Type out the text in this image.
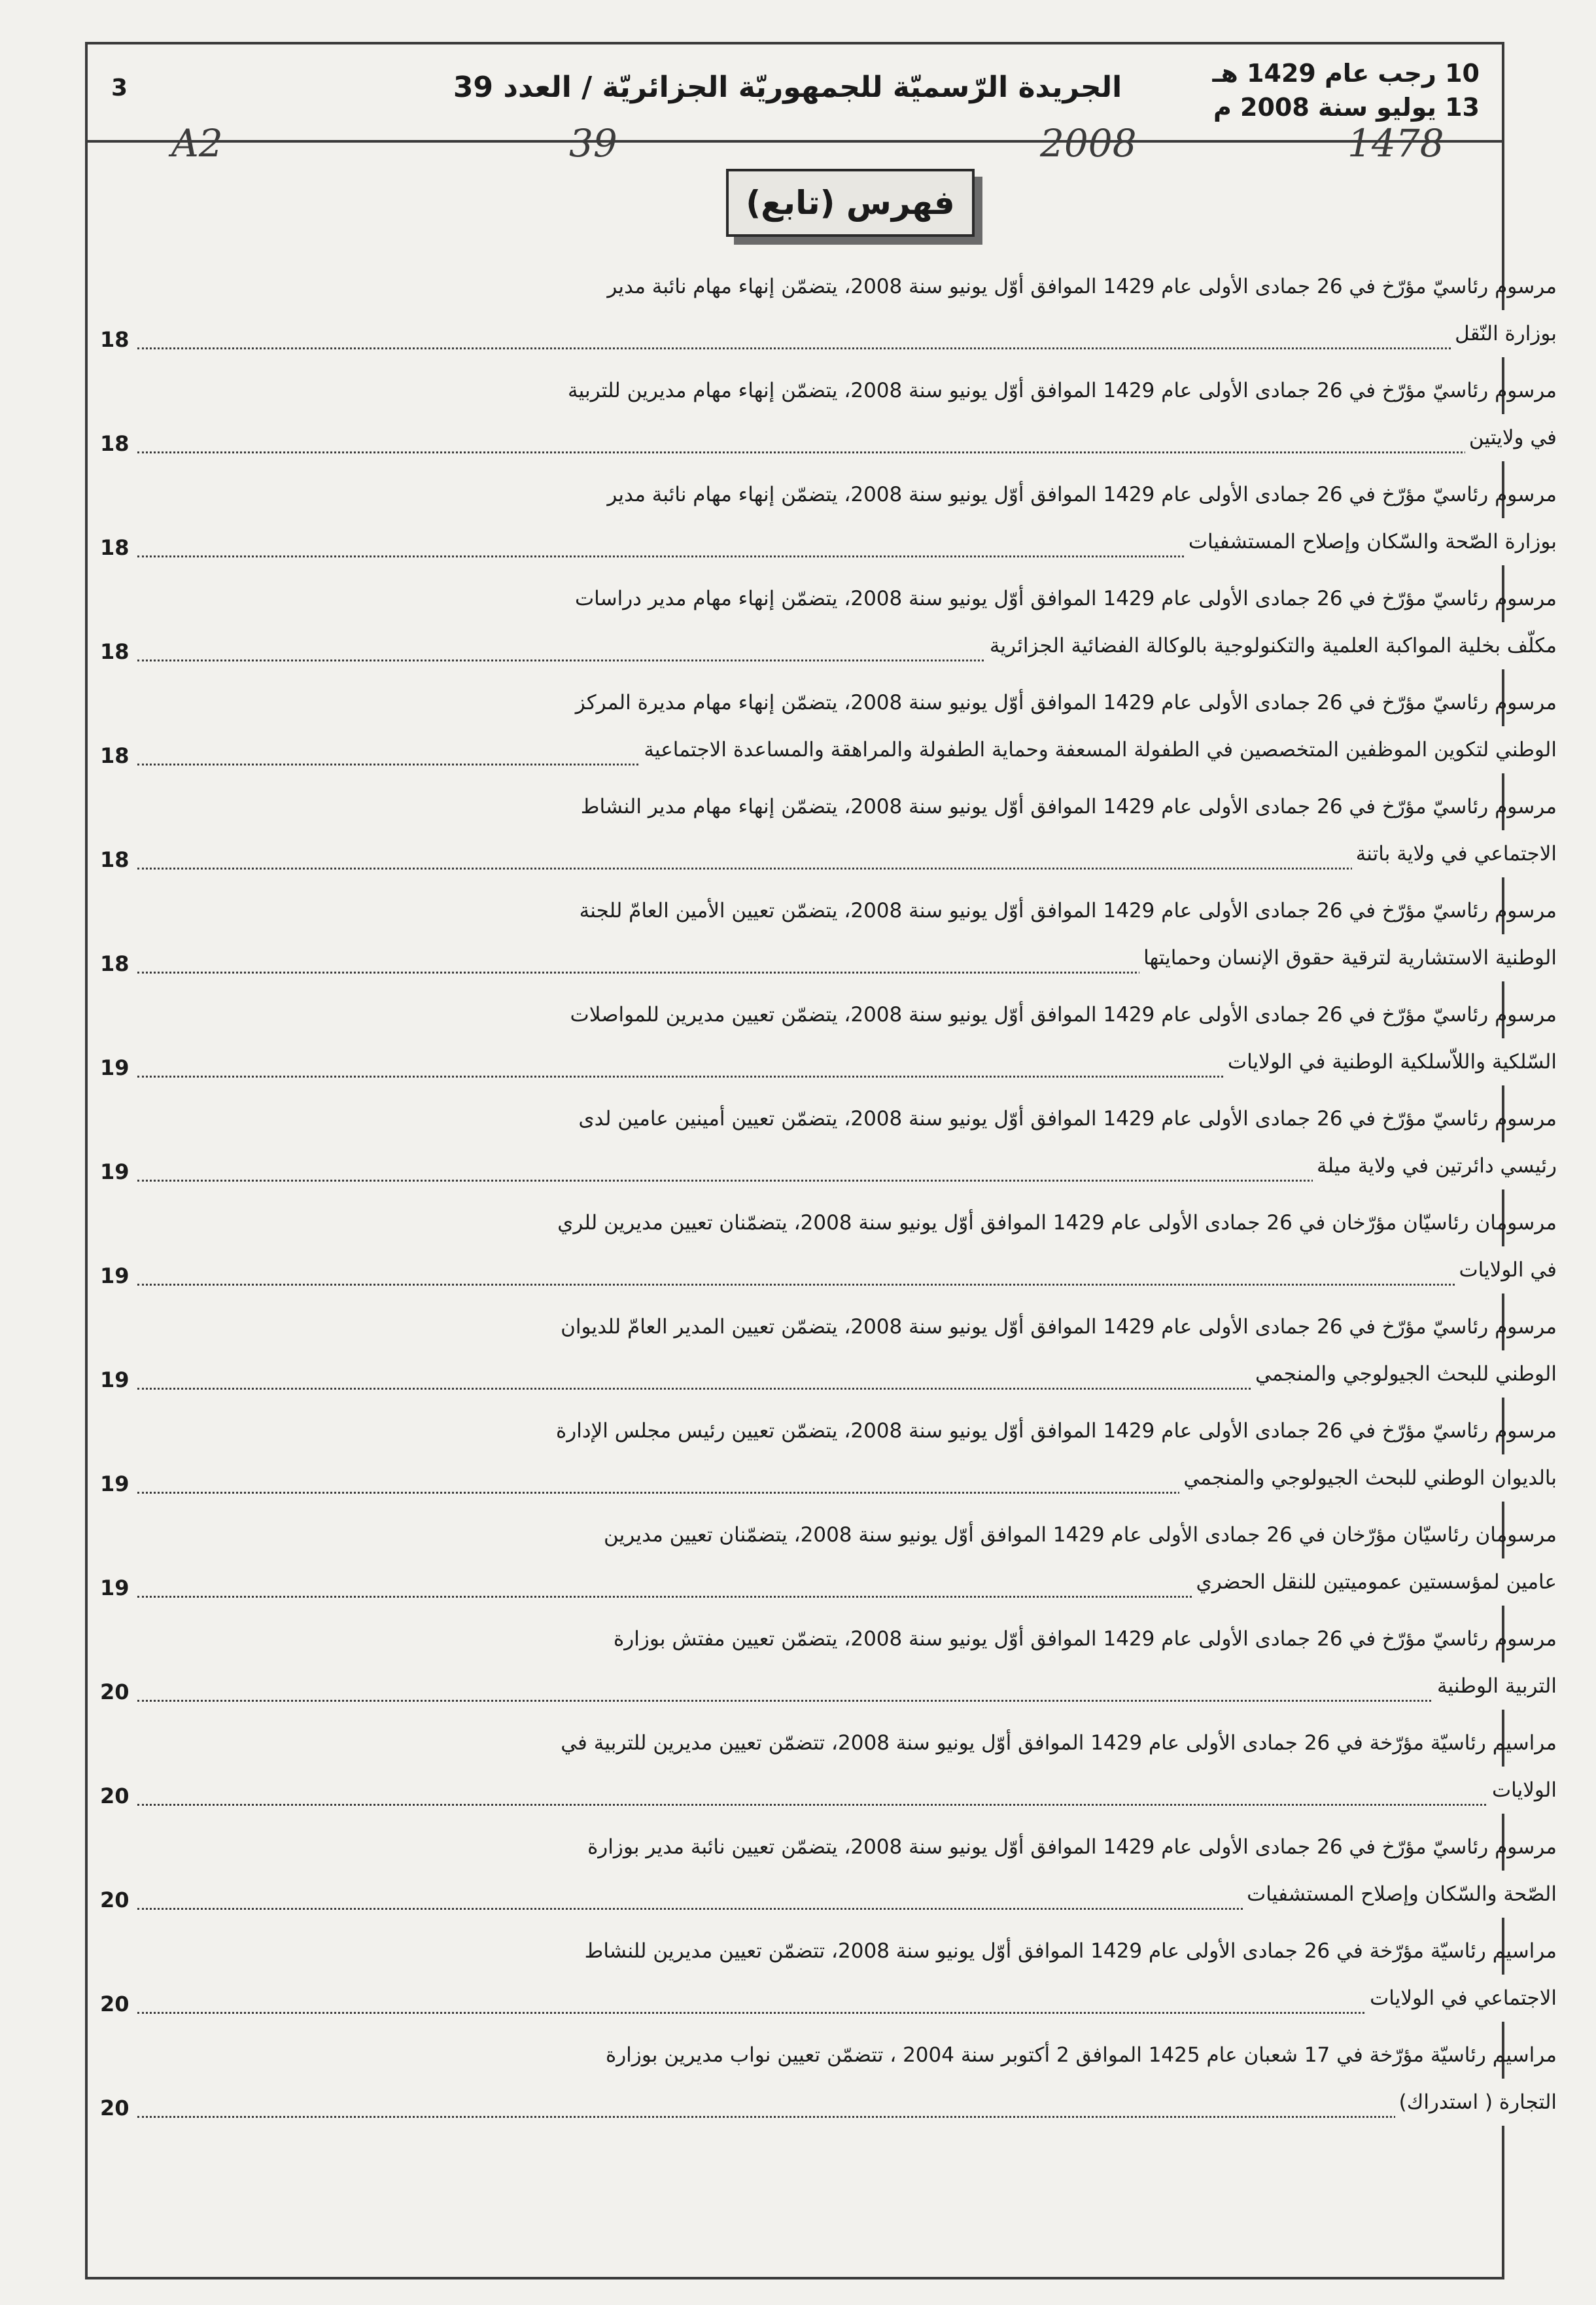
3	الجريدة الرّسميّة للجمهوريّة الجزائريّة / العدد 39	10 رجب عام 1429 هـ
13 يوليو سنة 2008 م
A2	39	2008	1478
فهرس (تابع)
مرسوم رئاسيّ مؤرّخ في 26 جمادى الأولى عام 1429 الموافق أوّل يونيو سنة 2008، يتضمّن إنهاء مهام نائبة مدير
بوزارة النّقل
18
مرسوم رئاسيّ مؤرّخ في 26 جمادى الأولى عام 1429 الموافق أوّل يونيو سنة 2008، يتضمّن إنهاء مهام مديرين للتربية
في ولايتين
18
مرسوم رئاسيّ مؤرّخ في 26 جمادى الأولى عام 1429 الموافق أوّل يونيو سنة 2008، يتضمّن إنهاء مهام نائبة مدير
بوزارة الصّحة والسّكان وإصلاح المستشفيات
18
مرسوم رئاسيّ مؤرّخ في 26 جمادى الأولى عام 1429 الموافق أوّل يونيو سنة 2008، يتضمّن إنهاء مهام مدير دراسات
مكلّف بخلية المواكبة العلمية والتكنولوجية بالوكالة الفضائية الجزائرية
18
مرسوم رئاسيّ مؤرّخ في 26 جمادى الأولى عام 1429 الموافق أوّل يونيو سنة 2008، يتضمّن إنهاء مهام مديرة المركز
الوطني لتكوين الموظفين المتخصصين في الطفولة المسعفة وحماية الطفولة والمراهقة والمساعدة الاجتماعية
18
مرسوم رئاسيّ مؤرّخ في 26 جمادى الأولى عام 1429 الموافق أوّل يونيو سنة 2008، يتضمّن إنهاء مهام مدير النشاط
الاجتماعي في ولاية باتنة
18
مرسوم رئاسيّ مؤرّخ في 26 جمادى الأولى عام 1429 الموافق أوّل يونيو سنة 2008، يتضمّن تعيين الأمين العامّ للجنة
الوطنية الاستشارية لترقية حقوق الإنسان وحمايتها
18
مرسوم رئاسيّ مؤرّخ في 26 جمادى الأولى عام 1429 الموافق أوّل يونيو سنة 2008، يتضمّن تعيين مديرين للمواصلات
السّلكية واللاّسلكية الوطنية في الولايات
19
مرسوم رئاسيّ مؤرّخ في 26 جمادى الأولى عام 1429 الموافق أوّل يونيو سنة 2008، يتضمّن تعيين أمينين عامين لدى
رئيسي دائرتين في ولاية ميلة
19
مرسومان رئاسيّان مؤرّخان في 26 جمادى الأولى عام 1429 الموافق أوّل يونيو سنة 2008، يتضمّنان تعيين مديرين للري
في الولايات
19
مرسوم رئاسيّ مؤرّخ في 26 جمادى الأولى عام 1429 الموافق أوّل يونيو سنة 2008، يتضمّن تعيين المدير العامّ للديوان
الوطني للبحث الجيولوجي والمنجمي
19
مرسوم رئاسيّ مؤرّخ في 26 جمادى الأولى عام 1429 الموافق أوّل يونيو سنة 2008، يتضمّن تعيين رئيس مجلس الإدارة
بالديوان الوطني للبحث الجيولوجي والمنجمي
19
مرسومان رئاسيّان مؤرّخان في 26 جمادى الأولى عام 1429 الموافق أوّل يونيو سنة 2008، يتضمّنان تعيين مديرين
عامين لمؤسستين عموميتين للنقل الحضري
19
مرسوم رئاسيّ مؤرّخ في 26 جمادى الأولى عام 1429 الموافق أوّل يونيو سنة 2008، يتضمّن تعيين مفتش بوزارة
التربية الوطنية
20
مراسيم رئاسيّة مؤرّخة في 26 جمادى الأولى عام 1429 الموافق أوّل يونيو سنة 2008، تتضمّن تعيين مديرين للتربية في
الولايات
20
مرسوم رئاسيّ مؤرّخ في 26 جمادى الأولى عام 1429 الموافق أوّل يونيو سنة 2008، يتضمّن تعيين نائبة مدير بوزارة
الصّحة والسّكان وإصلاح المستشفيات
20
مراسيم رئاسيّة مؤرّخة في 26 جمادى الأولى عام 1429 الموافق أوّل يونيو سنة 2008، تتضمّن تعيين مديرين للنشاط
الاجتماعي في الولايات
20
مراسيم رئاسيّة مؤرّخة في 17 شعبان عام 1425 الموافق 2 أكتوبر سنة 2004 ، تتضمّن تعيين نواب مديرين بوزارة
التجارة ( استدراك)
20
